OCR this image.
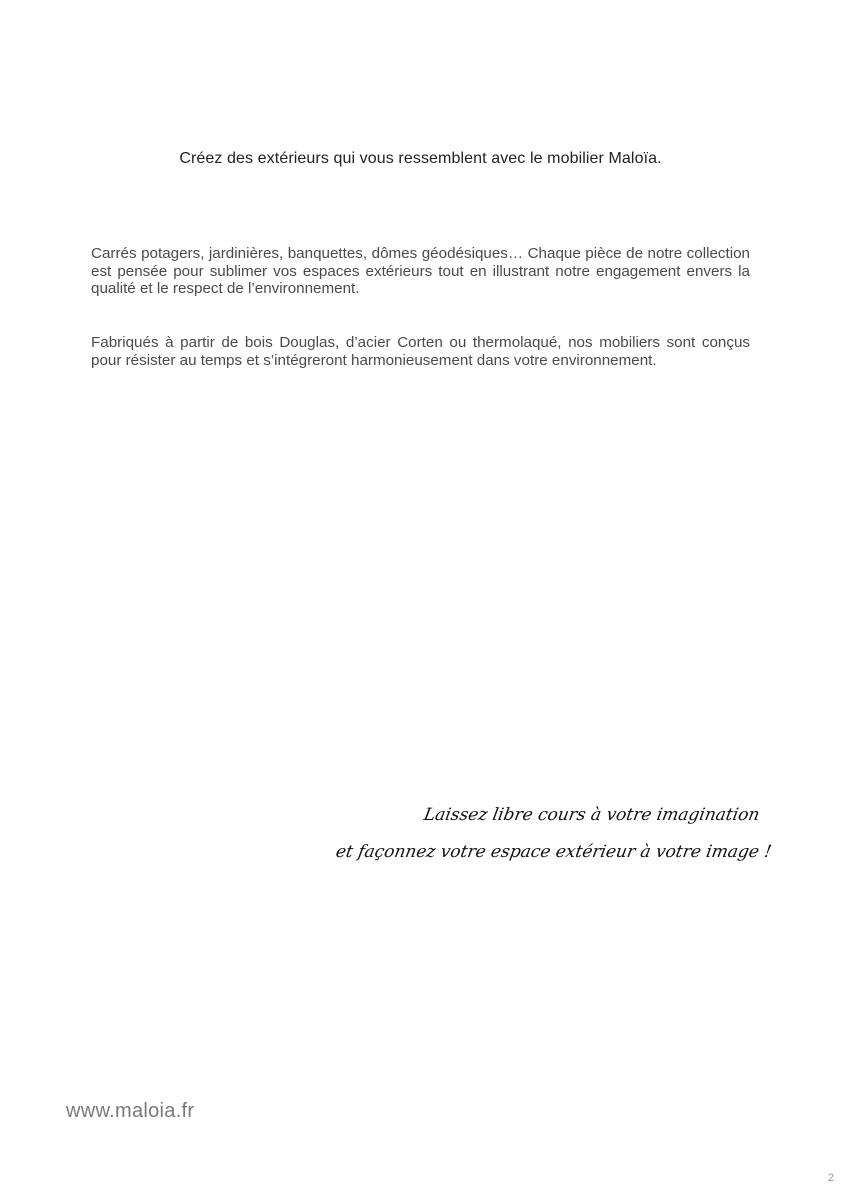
Créez des extérieurs qui vous ressemblent avec le mobilier Maloïa.

Carrés potagers, jardinières, banquettes, dômes géodésiques… Chaque pièce de notre collection est pensée pour sublimer vos espaces extérieurs tout en illustrant notre engagement envers la qualité et le respect de l’environnement.

Fabriqués à partir de bois Douglas, d’acier Corten ou thermolaqué, nos mobiliers sont conçus pour résister au temps et s’intégreront harmonieusement dans votre environnement.

Laissez libre cours à votre imagination
et façonnez votre espace extérieur à votre image !
www.maloia.fr
2
